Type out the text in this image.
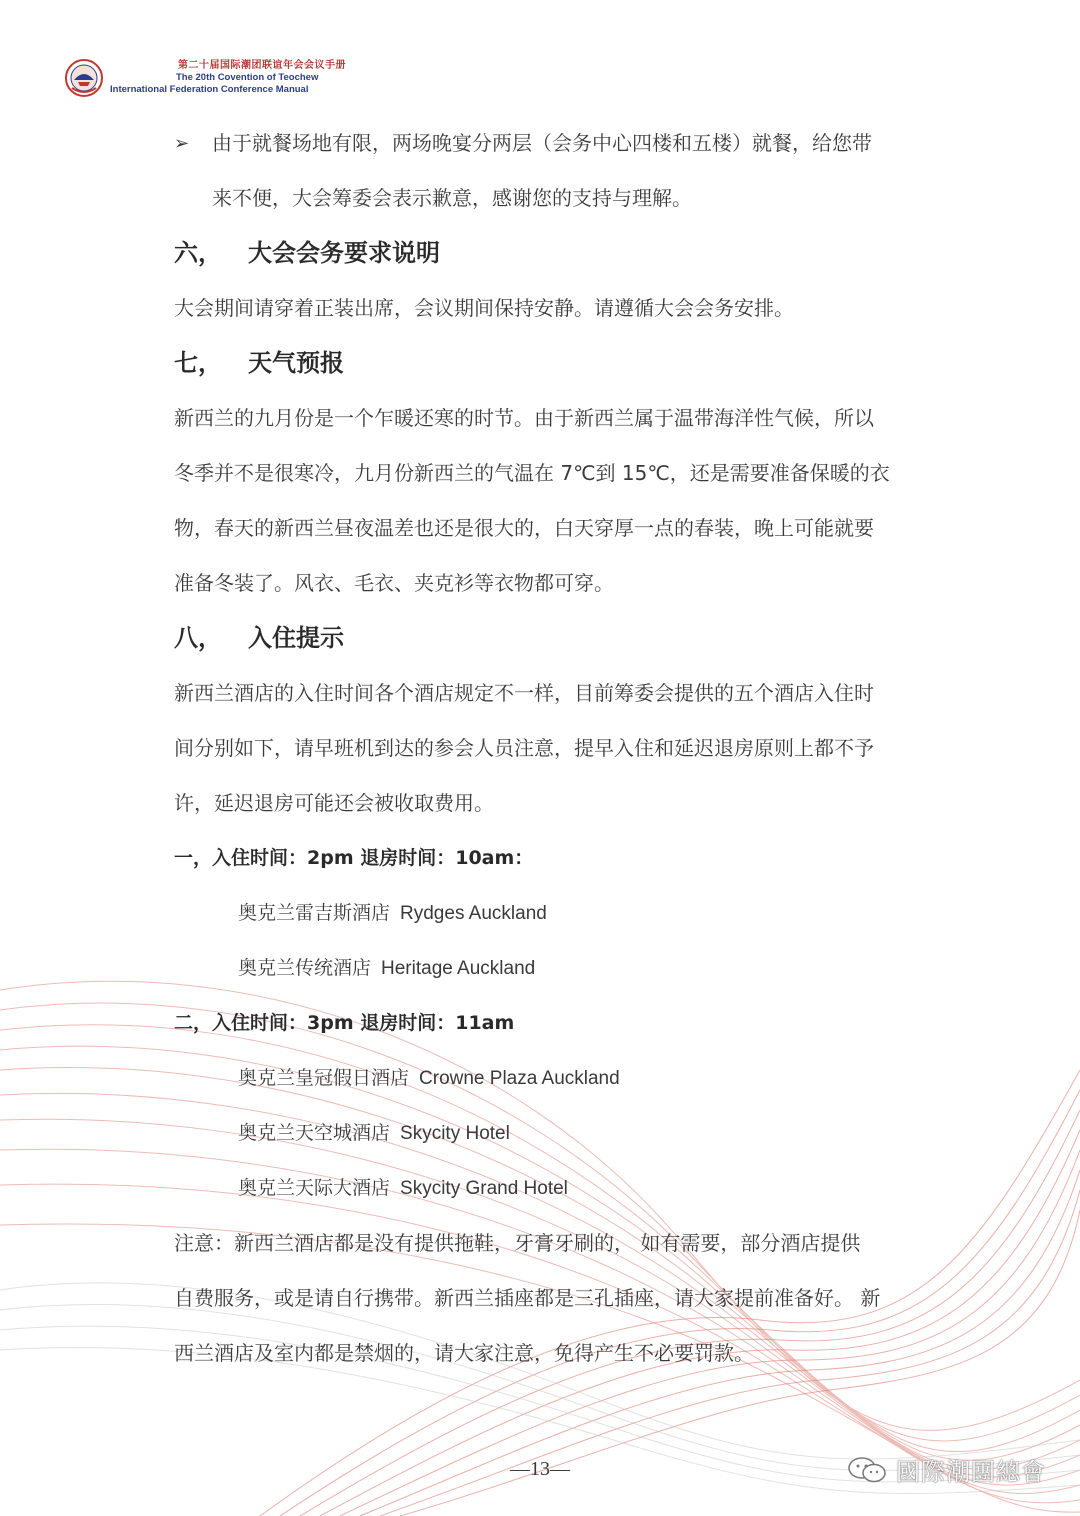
第二十届国际潮团联谊年会会议手册
The 20th Covention of Teochew
International Federation Conference Manual
➢	由于就餐场地有限，两场晚宴分两层（会务中心四楼和五楼）就餐，给您带
来不便，大会筹委会表示歉意，感谢您的支持与理解。
六， 大会会务要求说明
大会期间请穿着正装出席，会议期间保持安静。请遵循大会会务安排。
七， 天气预报
新西兰的九月份是一个乍暖还寒的时节。由于新西兰属于温带海洋性气候，所以
冬季并不是很寒冷，九月份新西兰的气温在 7℃到 15℃，还是需要准备保暖的衣
物，春天的新西兰昼夜温差也还是很大的，白天穿厚一点的春装，晚上可能就要
准备冬装了。风衣、毛衣、夹克衫等衣物都可穿。
八， 入住提示
新西兰酒店的入住时间各个酒店规定不一样，目前筹委会提供的五个酒店入住时
间分别如下，请早班机到达的参会人员注意，提早入住和延迟退房原则上都不予
许，延迟退房可能还会被收取费用。
一，入住时间：2pm 退房时间：10am：
奥克兰雷吉斯酒店 Rydges Auckland
奥克兰传统酒店 Heritage Auckland
二，入住时间：3pm 退房时间：11am
奥克兰皇冠假日酒店 Crowne Plaza Auckland
奥克兰天空城酒店 Skycity Hotel
奥克兰天际大酒店 Skycity Grand Hotel
注意：新西兰酒店都是没有提供拖鞋，牙膏牙刷的， 如有需要，部分酒店提供
自费服务，或是请自行携带。新西兰插座都是三孔插座，请大家提前准备好。 新
西兰酒店及室内都是禁烟的，请大家注意，免得产生不必要罚款。
—13—	國際潮團總會
